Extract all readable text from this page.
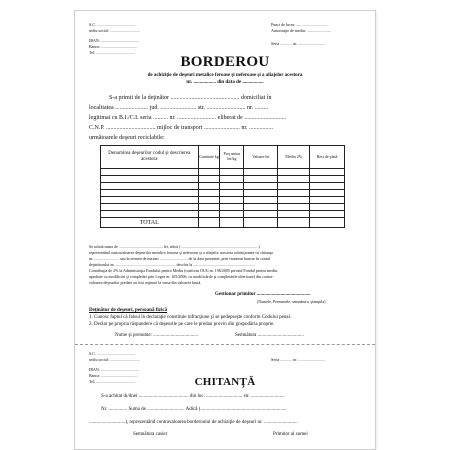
S.C. ......................................
sediu social: ..............................
IBAN: ......................................
Banca: ....................................
Tel: .......................................
Punct de lucru: ...............................
Autorizaţie de mediu: ........................
Seria ............ nr. ...........................
BORDEROU
de achiziţie de deşeuri metalice feroase şi neferoase şi a aliajelor acestora
nr. .................. din data de .................
S-a primit de la deţinător .............................................. domiciliat în
localitatea ...................... jud. ........................ str. .......................... nr. .........
legitimat cu B.I./C.I. seria .......... nr. .......................... eliberat de ............................
C.N.P. ................................. mijloc de transport ........................ nr. ................
următoarele deşeuri reciclabile:
Denumirea deşeurilor codul şi descrierea acestora	Cantitate kg	Preţ unitar lei/kg	Valoare lei	Mediu 2%	Rest de plată

TOTAL					
Se achită suma de ............................................ lei, adică (..............................................................................)
reprezentând contravaloarea deşeurilor metalice feroase şi neferoase şi a aliajelor acestora achiziţionate cu chitanţa
nr. ......................... sau în termen de maxim ............................ de la data prezentei, prin virament bancar în contul
deţinătorului nr. ............................................................ deschis la ..............................................................
Contribuţia de 2% la Administraţia Fondului pentru Mediu (conform OUG nr. 196/2005 privind Fondul pentru mediu,
aprobate cu modificări şi completări prin Legea nr. 105/2006, cu modificările şi completările ulterioare) din contra-
valoarea deşeurilor predate au fost reţinute la sursa din valoarea brută.
Gestionar primitor ...........................................
(Numele, Prenumele, semnătura, ştampila)
Deţinător de deşeuri, persoană fizică
1. Cunosc faptul că falsul în declaraţie constituie infracţiune şi se pedepseşte conform Codului penal.
2. Declar pe propria răspundere că deşeurile pe care le predau provin din gospodăria proprie.
Nume şi prenume: ....................................	Semnătura .....................................
S.C. ......................................
sediu social: ..............................	Seria ............ nr. ...........................
IBAN: ......................................
Banca: ....................................
Tel: .......................................	CHITANŢĂ
S-a achitat dı/dnei ........................................ din loc. ............................. str. ...........................
Nr. ............... Suma de .............................. Adică (.....................................................................
.............................), reprezentând contravaloarea borderoului de achiziţie de deşeuri nr. ...........................
Semnătura casier	Primitor al sumei
